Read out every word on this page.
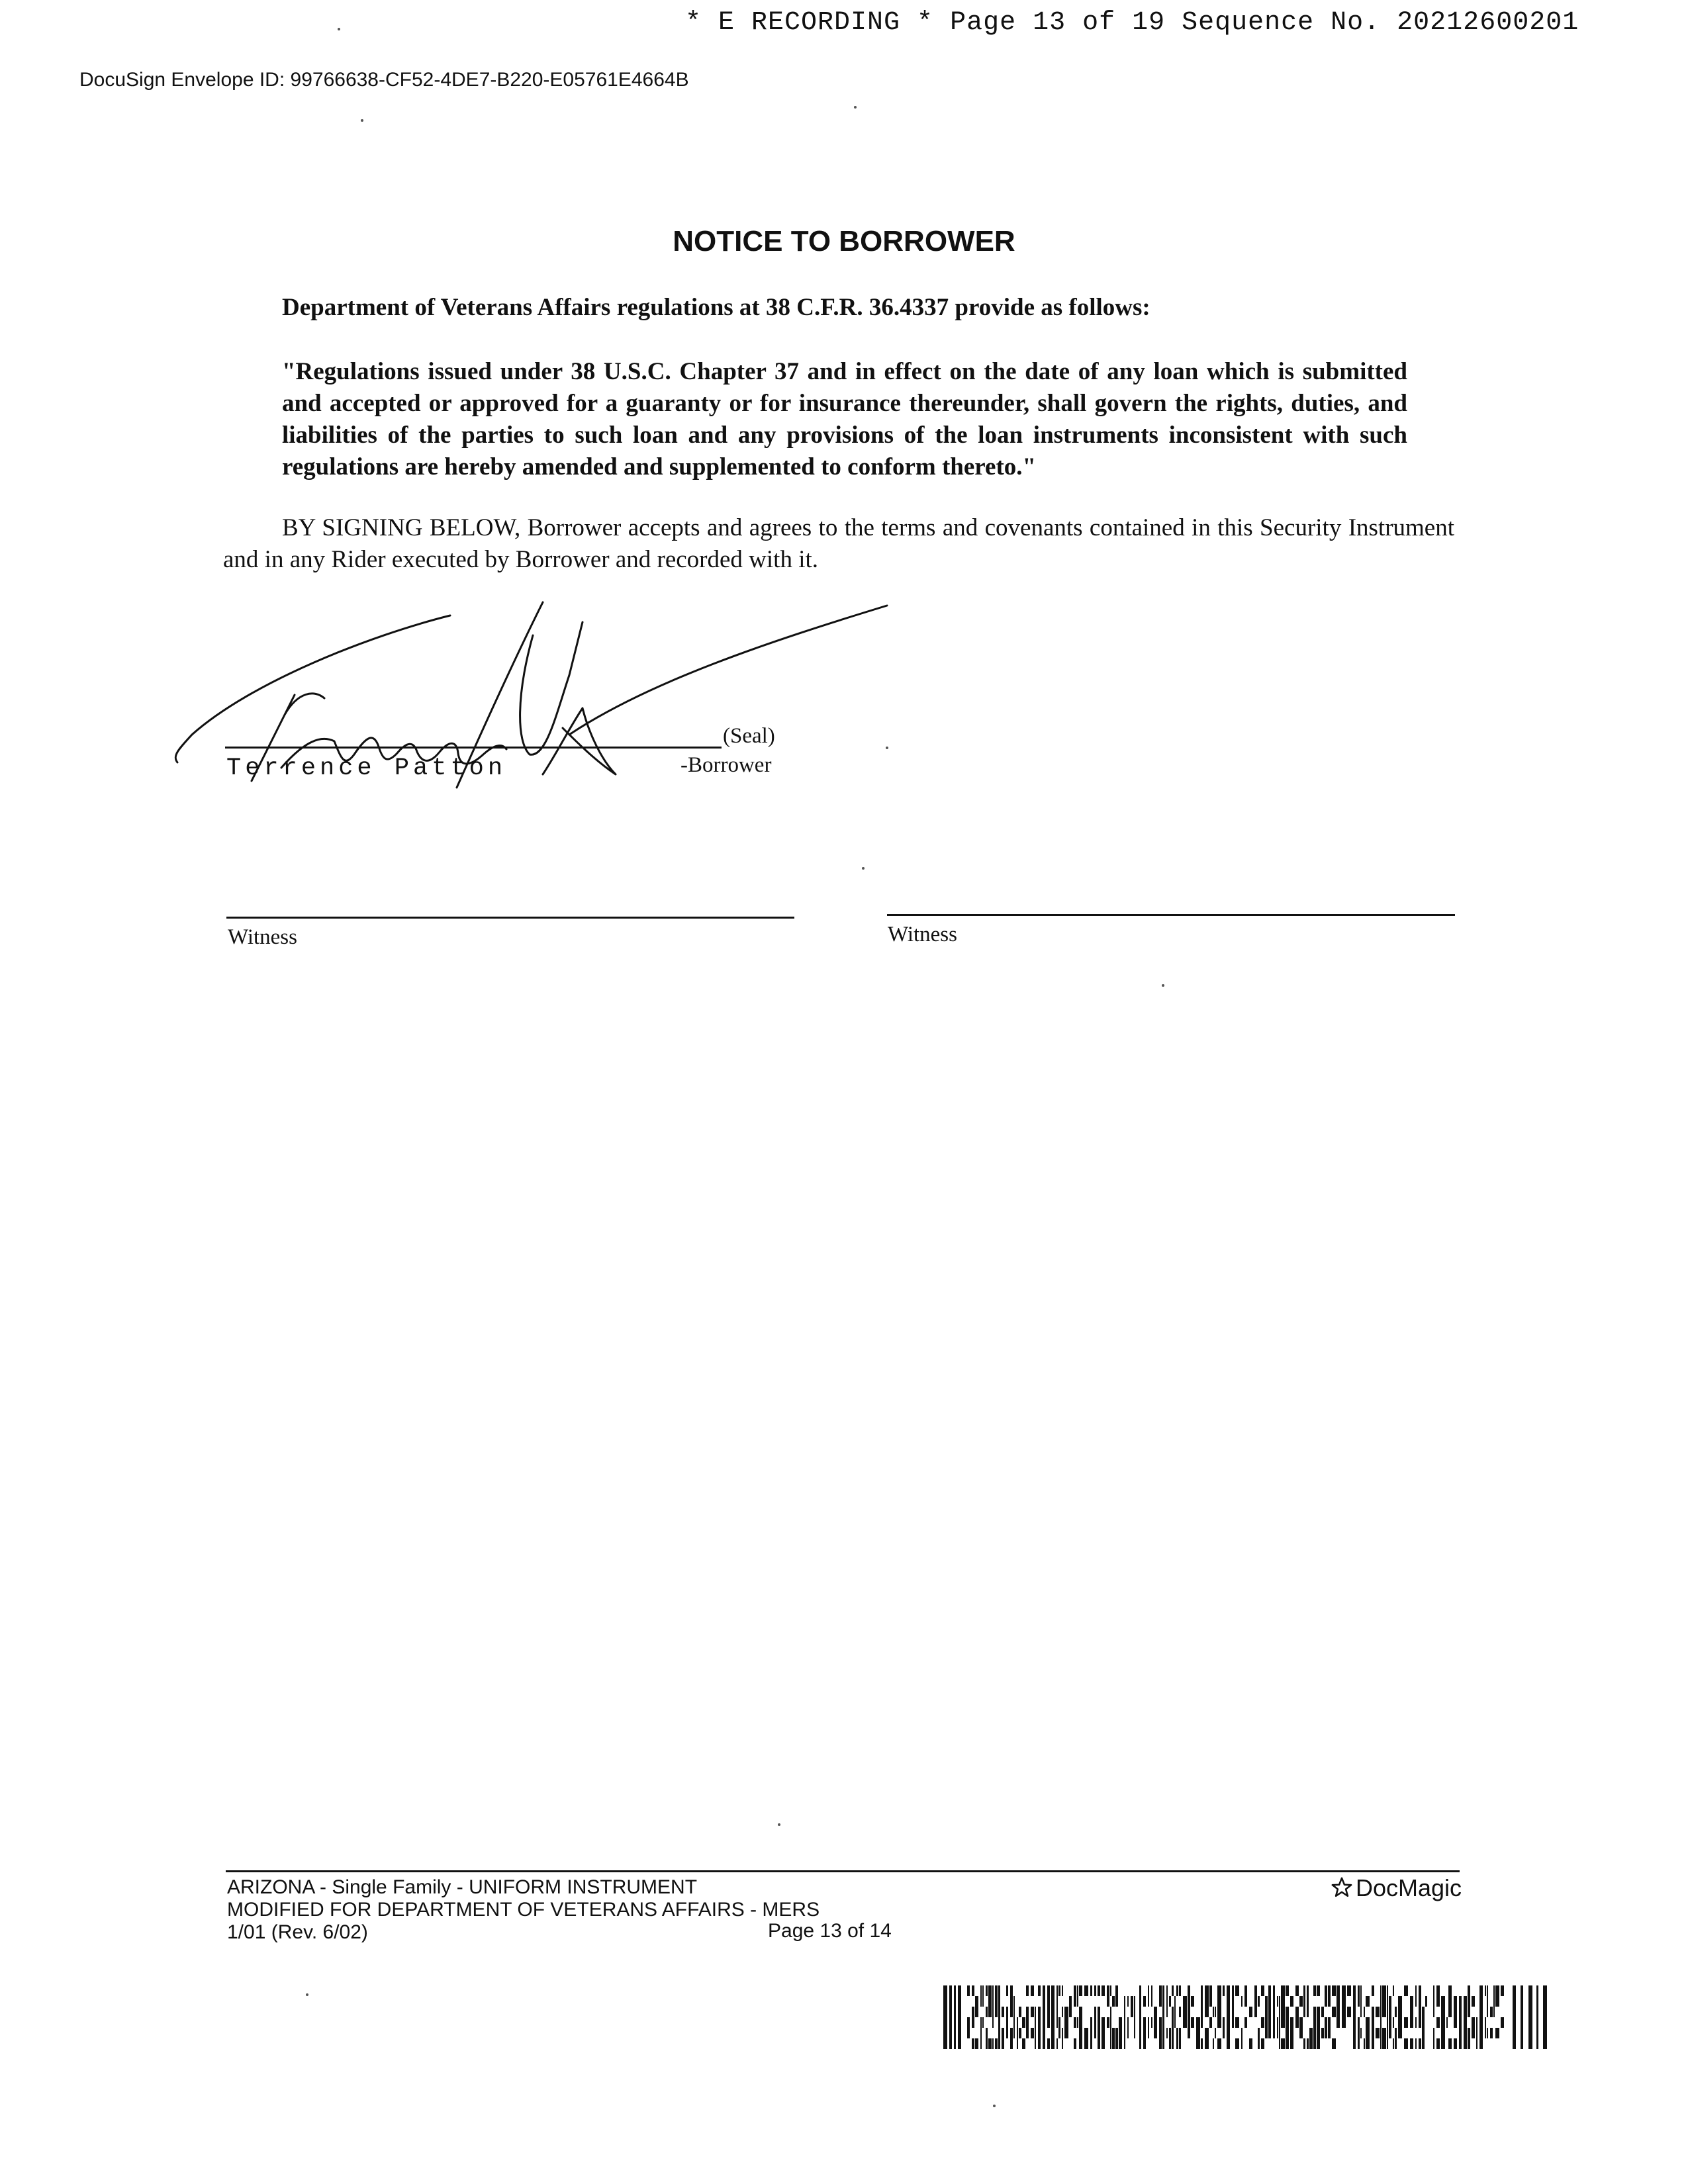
* E RECORDING * Page 13 of 19 Sequence No. 20212600201
DocuSign Envelope ID: 99766638-CF52-4DE7-B220-E05761E4664B
NOTICE TO BORROWER
Department of Veterans Affairs regulations at 38 C.F.R. 36.4337 provide as follows:
"Regulations issued under 38 U.S.C. Chapter 37 and in effect on the date of any loan which is submitted and accepted or approved for a guaranty or for insurance thereunder, shall govern the rights, duties, and liabilities of the parties to such loan and any provisions of the loan instruments inconsistent with such regulations are hereby amended and supplemented to conform thereto."
BY SIGNING BELOW, Borrower accepts and agrees to the terms and covenants contained in this Security Instrument and in any Rider executed by Borrower and recorded with it.
(Seal)
Terrence Patton	-Borrower
Witness	Witness
ARIZONA - Single Family - UNIFORM INSTRUMENT
MODIFIED FOR DEPARTMENT OF VETERANS AFFAIRS - MERS
1/01 (Rev. 6/02)	Page 13 of 14
DocMagic
